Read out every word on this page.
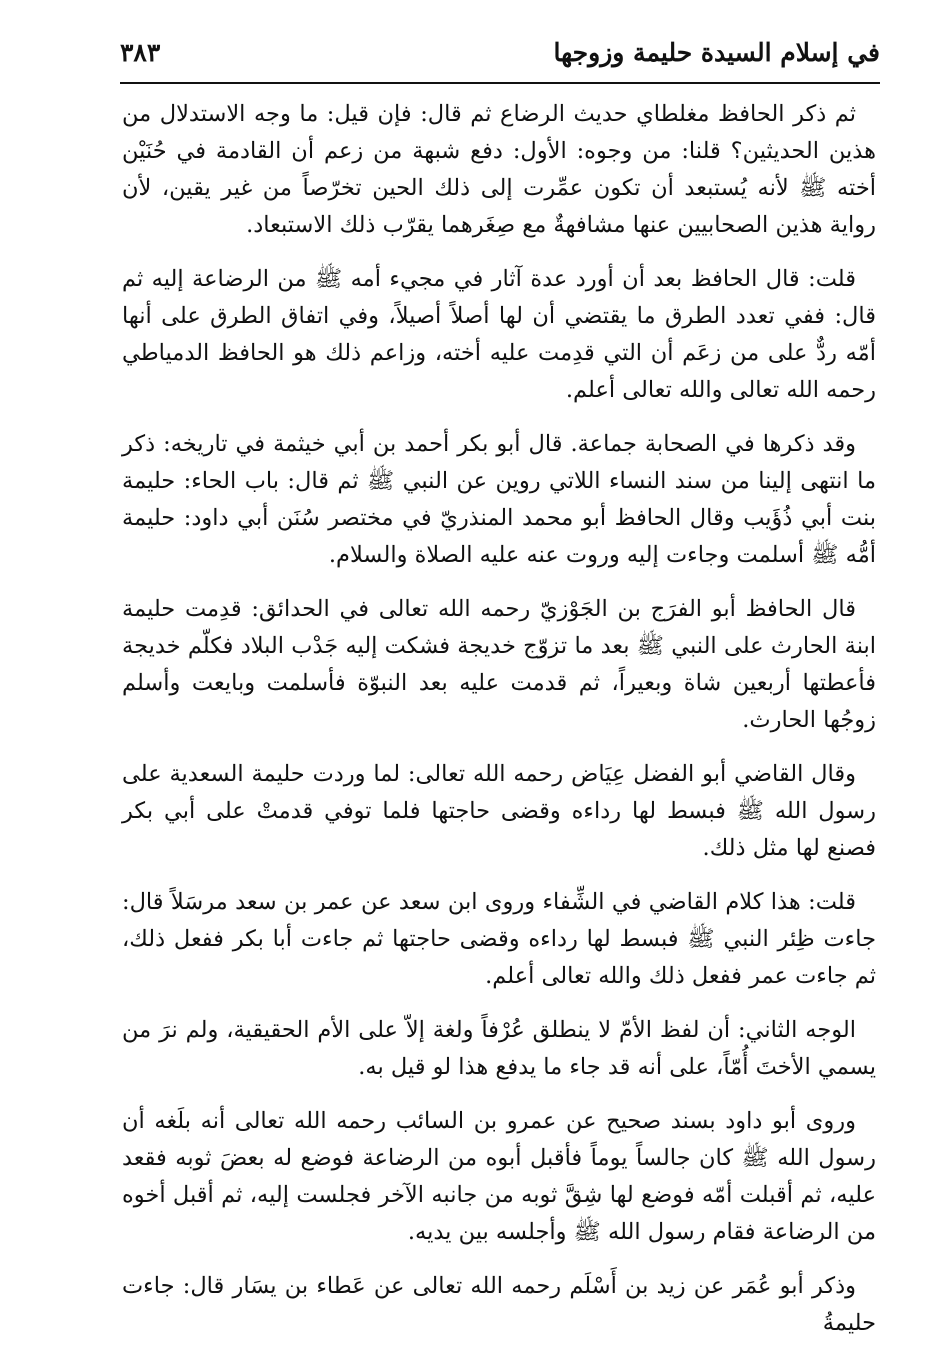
في إسلام السيدة حليمة وزوجها
٣٨٣

ثم ذكر الحافظ مغلطاي حديث الرضاع ثم قال: فإن قيل: ما وجه الاستدلال من هذين الحديثين؟ قلنا: من وجوه: الأول: دفع شبهة من زعم أن القادمة في حُنَيْن أخته ﷺ لأنه يُستبعد أن تكون عمِّرت إلى ذلك الحين تخرّصاً من غير يقين، لأن رواية هذين الصحابيين عنها مشافهةٌ مع صِغَرهما يقرّب ذلك الاستبعاد.

قلت: قال الحافظ بعد أن أورد عدة آثار في مجيء أمه ﷺ من الرضاعة إليه ثم قال: ففي تعدد الطرق ما يقتضي أن لها أصلاً أصيلاً، وفي اتفاق الطرق على أنها أمّه ردٌّ على من زعَم أن التي قدِمت عليه أخته، وزاعم ذلك هو الحافظ الدمياطي رحمه الله تعالى والله تعالى أعلم.

وقد ذكرها في الصحابة جماعة. قال أبو بكر أحمد بن أبي خيثمة في تاريخه: ذكر ما انتهى إلينا من سند النساء اللاتي روين عن النبي ﷺ ثم قال: باب الحاء: حليمة بنت أبي ذُؤَيب وقال الحافظ أبو محمد المنذريّ في مختصر سُنَن أبي داود: حليمة أمُّه ﷺ أسلمت وجاءت إليه وروت عنه عليه الصلاة والسلام.

قال الحافظ أبو الفرَج بن الجَوْزيّ رحمه الله تعالى في الحدائق: قدِمت حليمة ابنة الحارث على النبي ﷺ بعد ما تزوّج خديجة فشكت إليه جَدْب البلاد فكلّم خديجة فأعطتها أربعين شاة وبعيراً، ثم قدمت عليه بعد النبوّة فأسلمت وبايعت وأسلم زوجُها الحارث.

وقال القاضي أبو الفضل عِيَاض رحمه الله تعالى: لما وردت حليمة السعدية على رسول الله ﷺ فبسط لها رداءه وقضى حاجتها فلما توفي قدمتْ على أبي بكر فصنع لها مثل ذلك.

قلت: هذا كلام القاضي في الشِّفاء وروى ابن سعد عن عمر بن سعد مرسَلاً قال: جاءت ظِئر النبي ﷺ فبسط لها رداءه وقضى حاجتها ثم جاءت أبا بكر ففعل ذلك، ثم جاءت عمر ففعل ذلك والله تعالى أعلم.

الوجه الثاني: أن لفظ الأمّ لا ينطلق عُرْفاً ولغة إلاّ على الأم الحقيقية، ولم نرَ من يسمي الأختَ أُمّاً، على أنه قد جاء ما يدفع هذا لو قيل به.

وروى أبو داود بسند صحيح عن عمرو بن السائب رحمه الله تعالى أنه بلَغه أن رسول الله ﷺ كان جالساً يوماً فأقبل أبوه من الرضاعة فوضع له بعضَ ثوبه فقعد عليه، ثم أقبلت أمّه فوضع لها شِقَّ ثوبه من جانبه الآخر فجلست إليه، ثم أقبل أخوه من الرضاعة فقام رسول الله ﷺ وأجلسه بين يديه.

وذكر أبو عُمَر عن زيد بن أَسْلَم رحمه الله تعالى عن عَطاء بن يسَار قال: جاءت حليمةُ
